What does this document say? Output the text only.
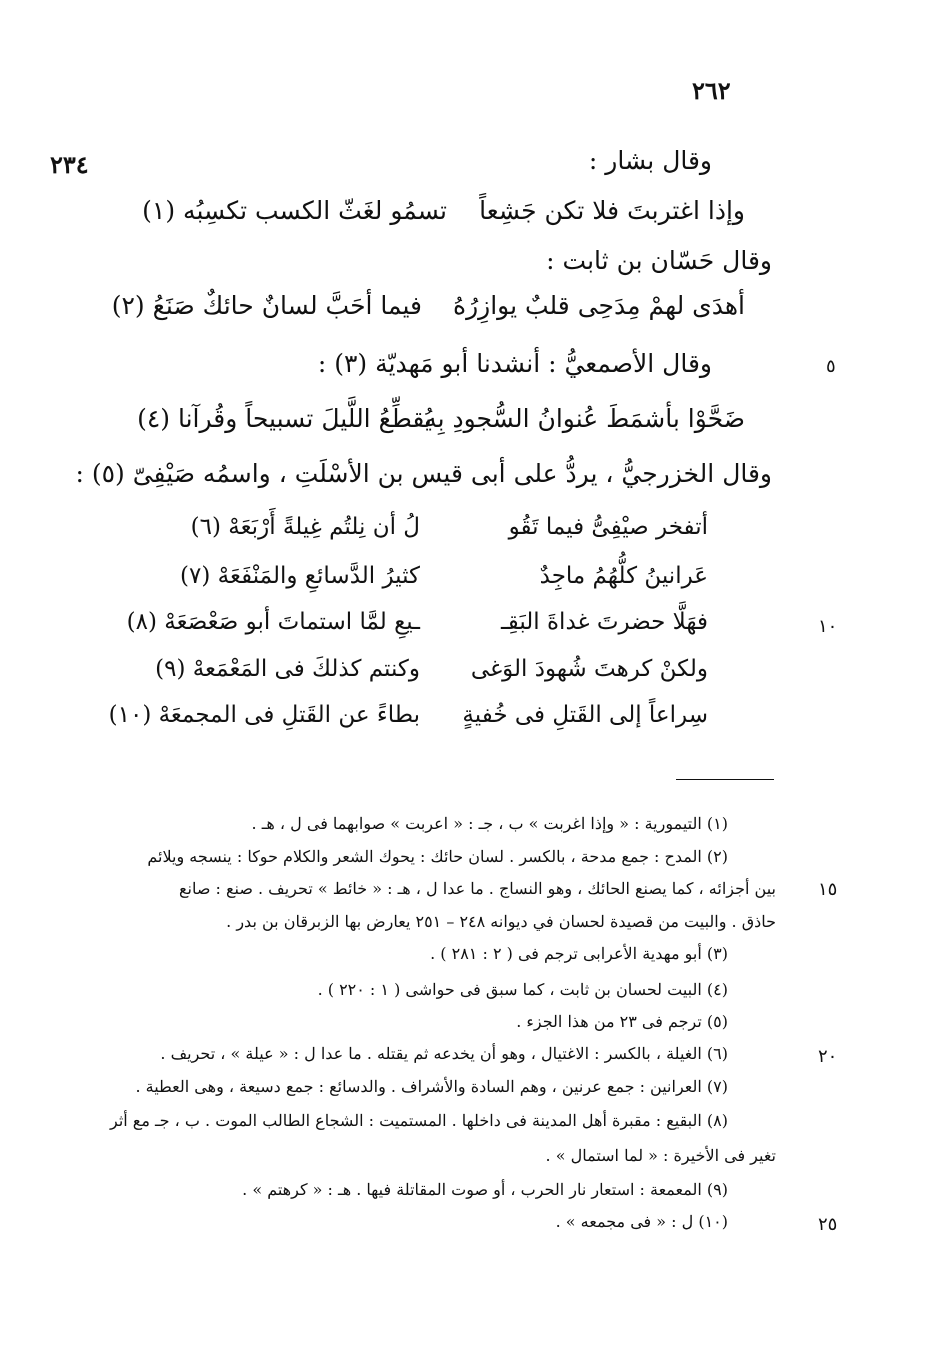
٢٦٢
٢٣٤	وقال بشار :
وإذا اغتربتَ فلا تكن جَشِعاً
تسمُو لغَثّ الكسب تكسِبُه (١)
وقال حَسّان بن ثابت :
أهدَى لهمْ مِدَحِى قلبٌ يوازِرُهُ
فيما أحَبَّ لسانٌ حائكٌ صَنَعُ (٢)
٥
وقال الأصمعيُّ : أنشدنا أبو مَهديّة (٣) :
ضَحَّوْا بأشمَطَ عُنوانُ السُّجودِ بِه
يُقطِّعُ اللَّيلَ تسبيحاً وقُرآنا (٤)
وقال الخزرجيُّ ، يردُّ على أبى قيس بن الأسْلَتِ ، واسمُه صَيْفِىّ (٥) :
أتفخر صيْفِىُّ فيما تَقُو
لُ أن نِلتُم غِيلةً أَرْبَعَهْ (٦)
عَرانينُ كلُّهُمُ ماجِدٌ
كثيرُ الدَّسائعِ والمَنْفَعَهْ (٧)
١٠
فهَلَّا حضرتَ غداةَ البَقِـ
ـيعِ لمَّا استماتَ أبو صَعْصَعَهْ (٨)
ولكنْ كرهتَ شُهودَ الوَغى
وكنتم كذلكَ فى المَعْمَعهْ (٩)
سِراعاً إلى القَتلِ فى خُفيةٍ
بطاءً عن القَتلِ فى المجمعَهْ (١٠)
(١) التيمورية : « وإذا اغربت » ب ، جـ : « اعربت » صوابهما فى ل ، هـ .
(٢) المدح : جمع مدحة ، بالكسر . لسان حائك : يحوك الشعر والكلام حوكا : ينسجه ويلائم
١٥
بين أجزائه ، كما يصنع الحائك ، وهو النساج . ما عدا ل ، هـ : « خائط » تحريف . صنع : صانع
حاذق . والبيت من قصيدة لحسان في ديوانه ٢٤٨ – ٢٥١ يعارض بها الزبرقان بن بدر .
(٣) أبو مهدية الأعرابى ترجم فى ( ٢ : ٢٨١ ) .
(٤) البيت لحسان بن ثابت ، كما سبق فى حواشى ( ١ : ٢٢٠ ) .
(٥) ترجم فى ٢٣ من هذا الجزء .
٢٠
(٦) الغيلة ، بالكسر : الاغتيال ، وهو أن يخدعه ثم يقتله . ما عدا ل : « عيلة » ، تحريف .
(٧) العرانين : جمع عرنين ، وهم السادة والأشراف . والدسائع : جمع دسيعة ، وهى العطية .
(٨) البقيع : مقبرة أهل المدينة فى داخلها . المستميت : الشجاع الطالب الموت . ب ، جـ مع أثر
تغير فى الأخيرة : « لما استمال » .
(٩) المعمعة : استعار نار الحرب ، أو صوت المقاتلة فيها . هـ : « كرهتم » .
٢٥
(١٠) ل : « فى مجمعه » .
